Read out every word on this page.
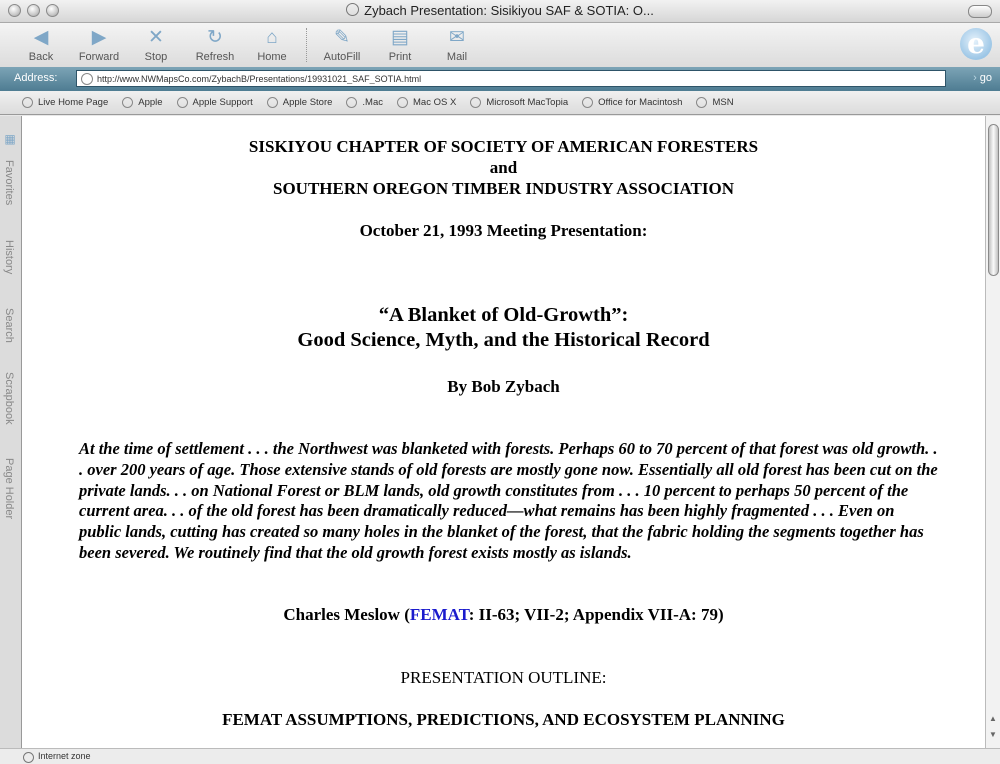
Zybach Presentation: Sisikiyou SAF & SOTIA: O...
◀
Back
▶
Forward
✕
Stop
↻
Refresh
⌂
Home
✎
AutoFill
▤
Print
✉
Mail	e
Address:
http://www.NWMapsCo.com/ZybachB/Presentations/19931021_SAF_SOTIA.html	› go
Live Home Page	Apple	Apple Support	Apple Store	.Mac	Mac OS X	Microsoft MacTopia	Office for Macintosh	MSN
▦
Favorites
History
Search
Scrapbook
Page Holder
SISKIYOU CHAPTER OF SOCIETY OF AMERICAN FORESTERS
and
SOUTHERN OREGON TIMBER INDUSTRY ASSOCIATION
October 21, 1993 Meeting Presentation:
“A Blanket of Old-Growth”:
Good Science, Myth, and the Historical Record
By Bob Zybach
At the time of settlement . . . the Northwest was blanketed with forests. Perhaps 60 to 70 percent of that forest was old growth. . . over 200 years of age. Those extensive stands of old forests are mostly gone now. Essentially all old forest has been cut on the private lands. . . on National Forest or BLM lands, old growth constitutes from . . . 10 percent to perhaps 50 percent of the current area. . . of the old forest has been dramatically reduced—what remains has been highly fragmented . . . Even on public lands, cutting has created so many holes in the blanket of the forest, that the fabric holding the segments together has been severed. We routinely find that the old growth forest exists mostly as islands.
Charles Meslow (FEMAT: II-63; VII-2; Appendix VII-A: 79)
PRESENTATION OUTLINE:
FEMAT ASSUMPTIONS, PREDICTIONS, AND ECOSYSTEM PLANNING	▲
▼
Internet zone
